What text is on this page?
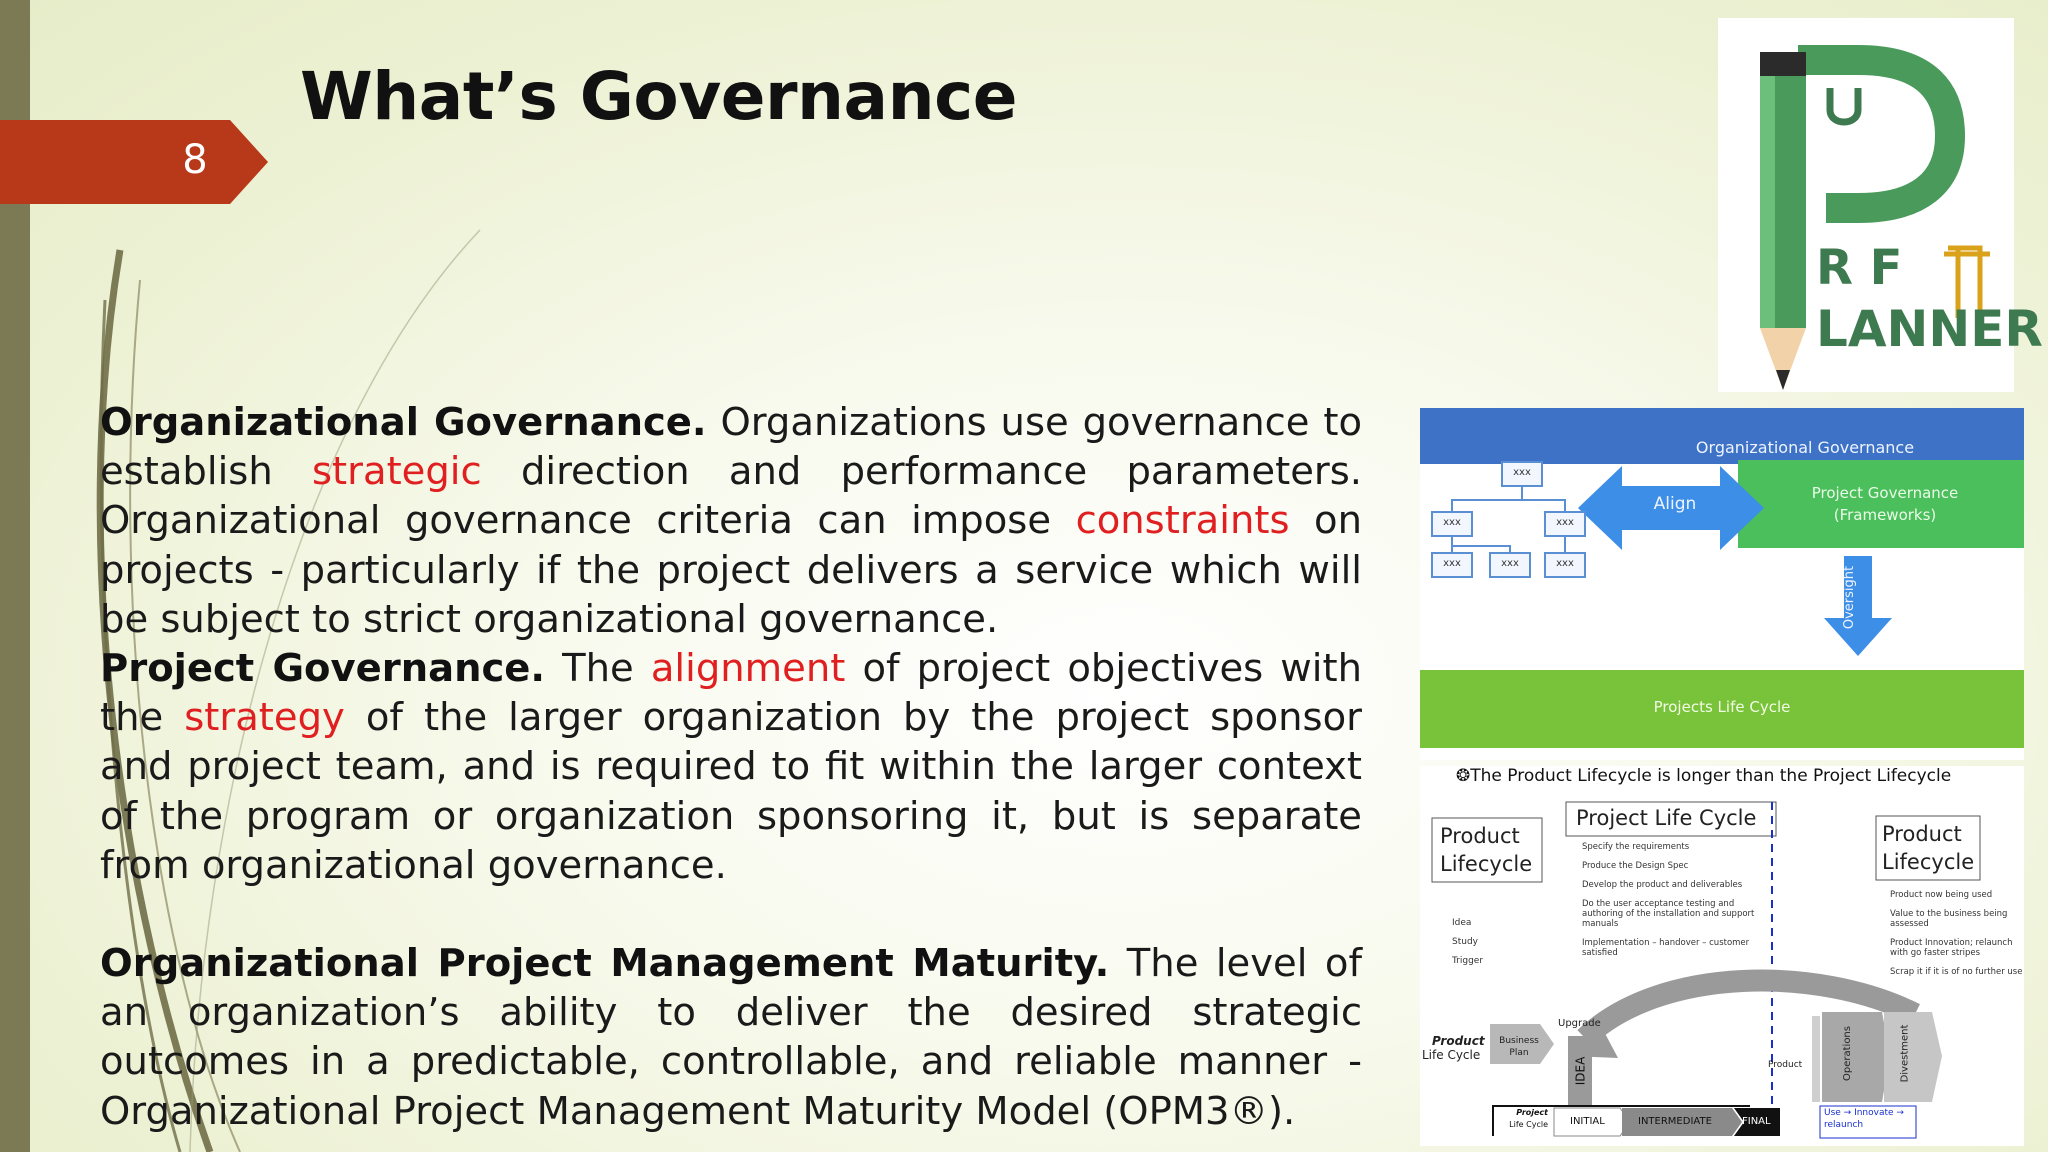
8
What’s Governance

Organizational Governance. Organizations use governance to establish strategic direction and performance parameters. Organizational governance criteria can impose constraints on projects - particularly if the project delivers a service which will be subject to strict organizational governance.

Project Governance. The alignment of project objectives with the strategy of the larger organization by the project sponsor and project team, and is required to fit within the larger context of the program or organization sponsoring it, but is separate from organizational governance.

Organizational Project Management Maturity. The level of an organization’s ability to deliver the desired strategic outcomes in a predictable, controllable, and reliable manner - Organizational Project Management Maturity Model (OPM3®).

R F
LANNER
Organizational Governance
Align
Project Governance
(Frameworks)
Oversight
Projects Life Cycle
xxx
xxx	xxx
xxx	xxx	xxx
❂The Product Lifecycle is longer than the Project Lifecycle
Product
Lifecycle
Project Life Cycle
Product
Lifecycle
Idea
Study
Trigger
Specify the requirements
Produce the Design Spec
Develop the product and deliverables
Do the user acceptance testing and
authoring of the installation and support
manuals
Implementation – handover – customer
satisfied
Product now being used
Value to the business being
assessed
Product Innovation; relaunch
with go faster stripes
Scrap it if it is of no further use
Upgrade
Product
Life Cycle
Business
Plan
IDEA	Product	Operations	Divestment
Project
Life Cycle INITIAL	INTERMEDIATE	FINAL
Use → Innovate →
relaunch
